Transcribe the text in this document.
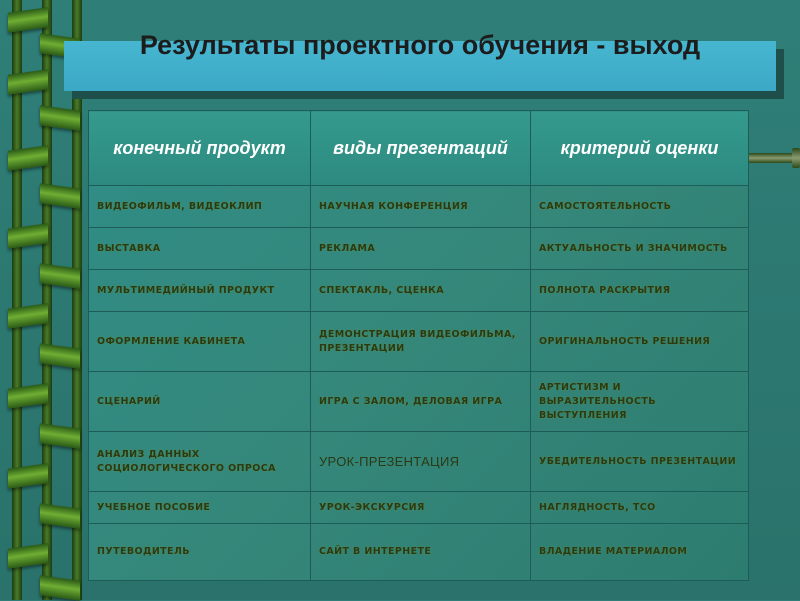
Результаты проектного обучения - выход
конечный продукт	виды презентаций	критерий оценки
ВИДЕОФИЛЬМ, ВИДЕОКЛИП	НАУЧНАЯ КОНФЕРЕНЦИЯ	САМОСТОЯТЕЛЬНОСТЬ
ВЫСТАВКА	РЕКЛАМА	АКТУАЛЬНОСТЬ И ЗНАЧИМОСТЬ
МУЛЬТИМЕДИЙНЫЙ ПРОДУКТ	СПЕКТАКЛЬ, СЦЕНКА	ПОЛНОТА РАСКРЫТИЯ
ОФОРМЛЕНИЕ КАБИНЕТА	ДЕМОНСТРАЦИЯ ВИДЕОФИЛЬМА, ПРЕЗЕНТАЦИИ	ОРИГИНАЛЬНОСТЬ РЕШЕНИЯ
СЦЕНАРИЙ	ИГРА С ЗАЛОМ, ДЕЛОВАЯ ИГРА	АРТИСТИЗМ И ВЫРАЗИТЕЛЬНОСТЬ ВЫСТУПЛЕНИЯ
АНАЛИЗ ДАННЫХ СОЦИОЛОГИЧЕСКОГО ОПРОСА	УРОК-ПРЕЗЕНТАЦИЯ	УБЕДИТЕЛЬНОСТЬ ПРЕЗЕНТАЦИИ
УЧЕБНОЕ ПОСОБИЕ	УРОК-ЭКСКУРСИЯ	НАГЛЯДНОСТЬ, ТСО
ПУТЕВОДИТЕЛЬ	САЙТ В ИНТЕРНЕТЕ	ВЛАДЕНИЕ МАТЕРИАЛОМ
